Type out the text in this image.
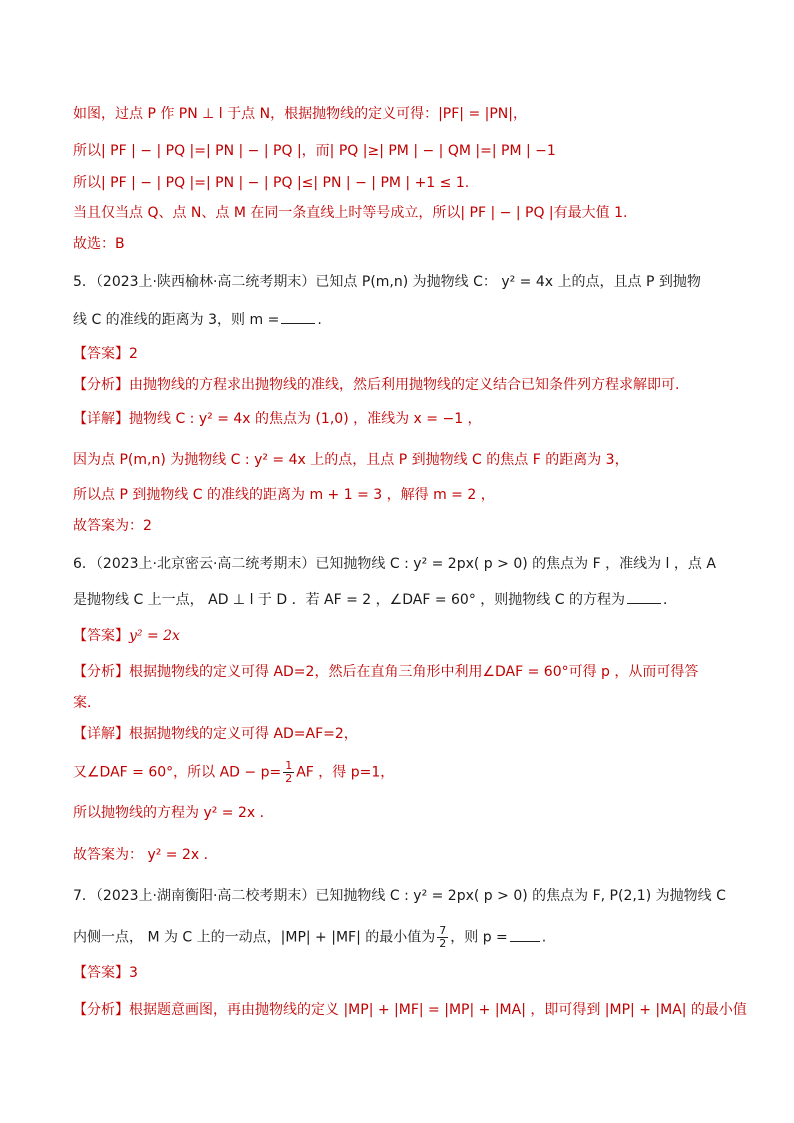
如图，过点 P 作 PN ⊥ l 于点 N，根据抛物线的定义可得：|PF| = |PN|，
所以| PF | − | PQ |=| PN | − | PQ |，而| PQ |≥| PM | − | QM |=| PM | −1
所以| PF | − | PQ |=| PN | − | PQ |≤| PN | − | PM | +1 ≤ 1.
当且仅当点 Q、点 N、点 M 在同一条直线上时等号成立，所以| PF | − | PQ |有最大值 1.
故选：B
5．（2023上·陕西榆林·高二统考期末）已知点 P(m,n) 为抛物线 C： y² = 4x 上的点，且点 P 到抛物
线 C 的准线的距离为 3，则 m =	.
【答案】2
【分析】由抛物线的方程求出抛物线的准线，然后利用抛物线的定义结合已知条件列方程求解即可.
【详解】抛物线 C : y² = 4x 的焦点为 (1,0) ，准线为 x = −1 ，
因为点 P(m,n) 为抛物线 C : y² = 4x 上的点，且点 P 到抛物线 C 的焦点 F 的距离为 3，
所以点 P 到抛物线 C 的准线的距离为 m + 1 = 3 ，解得 m = 2 ，
故答案为：2
6．（2023上·北京密云·高二统考期末）已知抛物线 C : y² = 2px( p > 0) 的焦点为 F ，准线为 l ，点 A
是抛物线 C 上一点， AD ⊥ l 于 D ．若 AF = 2 ，∠DAF = 60° ，则抛物线 C 的方程为	．
【答案】y² = 2x
【分析】根据抛物线的定义可得 AD=2，然后在直角三角形中利用∠DAF = 60°可得 p ，从而可得答
案．
【详解】根据抛物线的定义可得 AD=AF=2，
又∠DAF = 60°，所以 AD − $p= \frac{1}{2}$ AF ，得 p=1，
所以抛物线的方程为 y² = 2x ．
故答案为： y² = 2x ．
7．（2023上·湖南衡阳·高二校考期末）已知抛物线 C : y² = 2px( p > 0) 的焦点为 F, P(2,1) 为抛物线 C
内侧一点， M 为 C 上的一动点，|MP| + |MF| 的最小值为 $\frac{7}{2}$ ，则 p = .
【答案】3
【分析】根据题意画图，再由抛物线的定义 |MP| + |MF| = |MP| + |MA| ，即可得到 |MP| + |MA| 的最小值
